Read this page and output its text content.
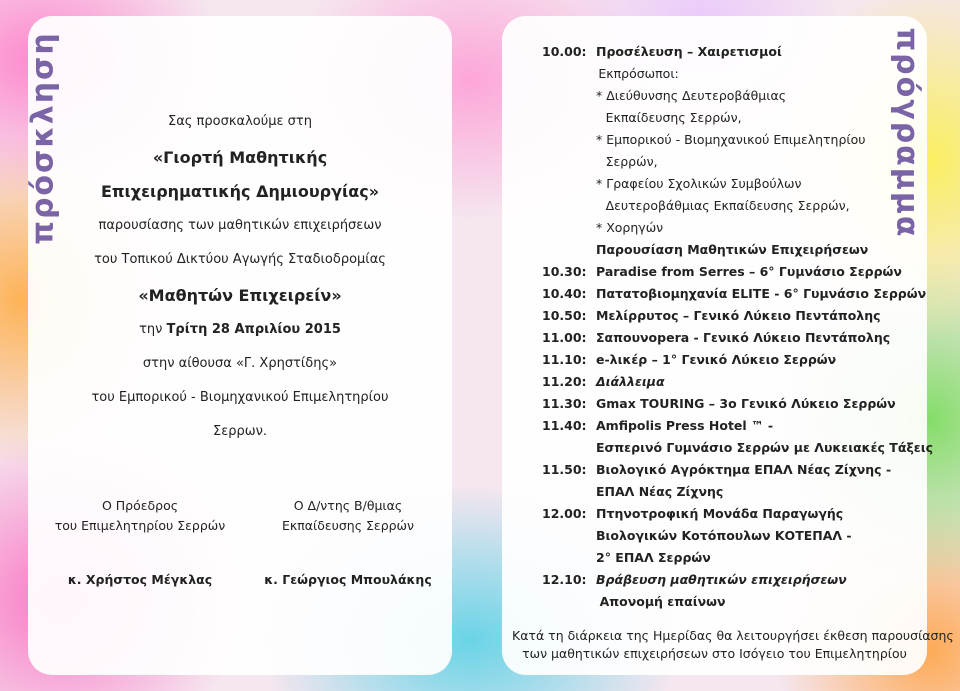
πρόσκληση	πρόγραμμα
Σας προσκαλούμε στη
«Γιορτή Μαθητικής
Επιχειρηματικής Δημιουργίας»
παρουσίασης των μαθητικών επιχειρήσεων
του Τοπικού Δικτύου Αγωγής Σταδιοδρομίας
«Μαθητών Επιχειρείν»
την Τρίτη 28 Απριλίου 2015
στην αίθουσα «Γ. Χρηστίδης»
του Εμπορικού - Βιομηχανικού Επιμελητηρίου
Σερρων.
Ο Πρόεδρος
του Επιμελητηρίου Σερρών
κ. Χρήστος Μέγκλας
Ο Δ/ντης Β/θμιας
Εκπαίδευσης Σερρών
κ. Γεώργιος Μπουλάκης
10.00: Προσέλευση – Χαιρετισμοί
Εκπρόσωποι:
* Διεύθυνσης Δευτεροβάθμιας
Εκπαίδευσης Σερρών,
* Εμπορικού - Βιομηχανικού Επιμελητηρίου
Σερρών,
* Γραφείου Σχολικών Συμβούλων
Δευτεροβάθμιας Εκπαίδευσης Σερρών,
* Χορηγών
Παρουσίαση Μαθητικών Επιχειρήσεων
10.30: Paradise from Serres – 6° Γυμνάσιο Σερρών
10.40: Πατατοβιομηχανία ELITE - 6° Γυμνάσιο Σερρών
10.50: Μελίρρυτος – Γενικό Λύκειο Πεντάπολης
11.00: Σαπουνοpera - Γενικό Λύκειο Πεντάπολης
11.10: e-λικέρ – 1° Γενικό Λύκειο Σερρών
11.20: Διάλλειμα
11.30: Gmax TOURING – 3ο Γενικό Λύκειο Σερρών
11.40: Amfipolis Press Hotel ™ -
Εσπερινό Γυμνάσιο Σερρών με Λυκειακές Τάξεις
11.50: Βιολογικό Αγρόκτημα ΕΠΑΛ Νέας Ζίχνης -
ΕΠΑΛ Νέας Ζίχνης
12.00: Πτηνοτροφική Μονάδα Παραγωγής
Βιολογικών Κοτόπουλων ΚΟΤΕΠΑΛ -
2° ΕΠΑΛ Σερρών
12.10: Βράβευση μαθητικών επιχειρήσεων
Απονομή επαίνων
Κατά τη διάρκεια της Ημερίδας θα λειτουργήσει έκθεση παρουσίασης
των μαθητικών επιχειρήσεων στο Ισόγειο του Επιμελητηρίου
